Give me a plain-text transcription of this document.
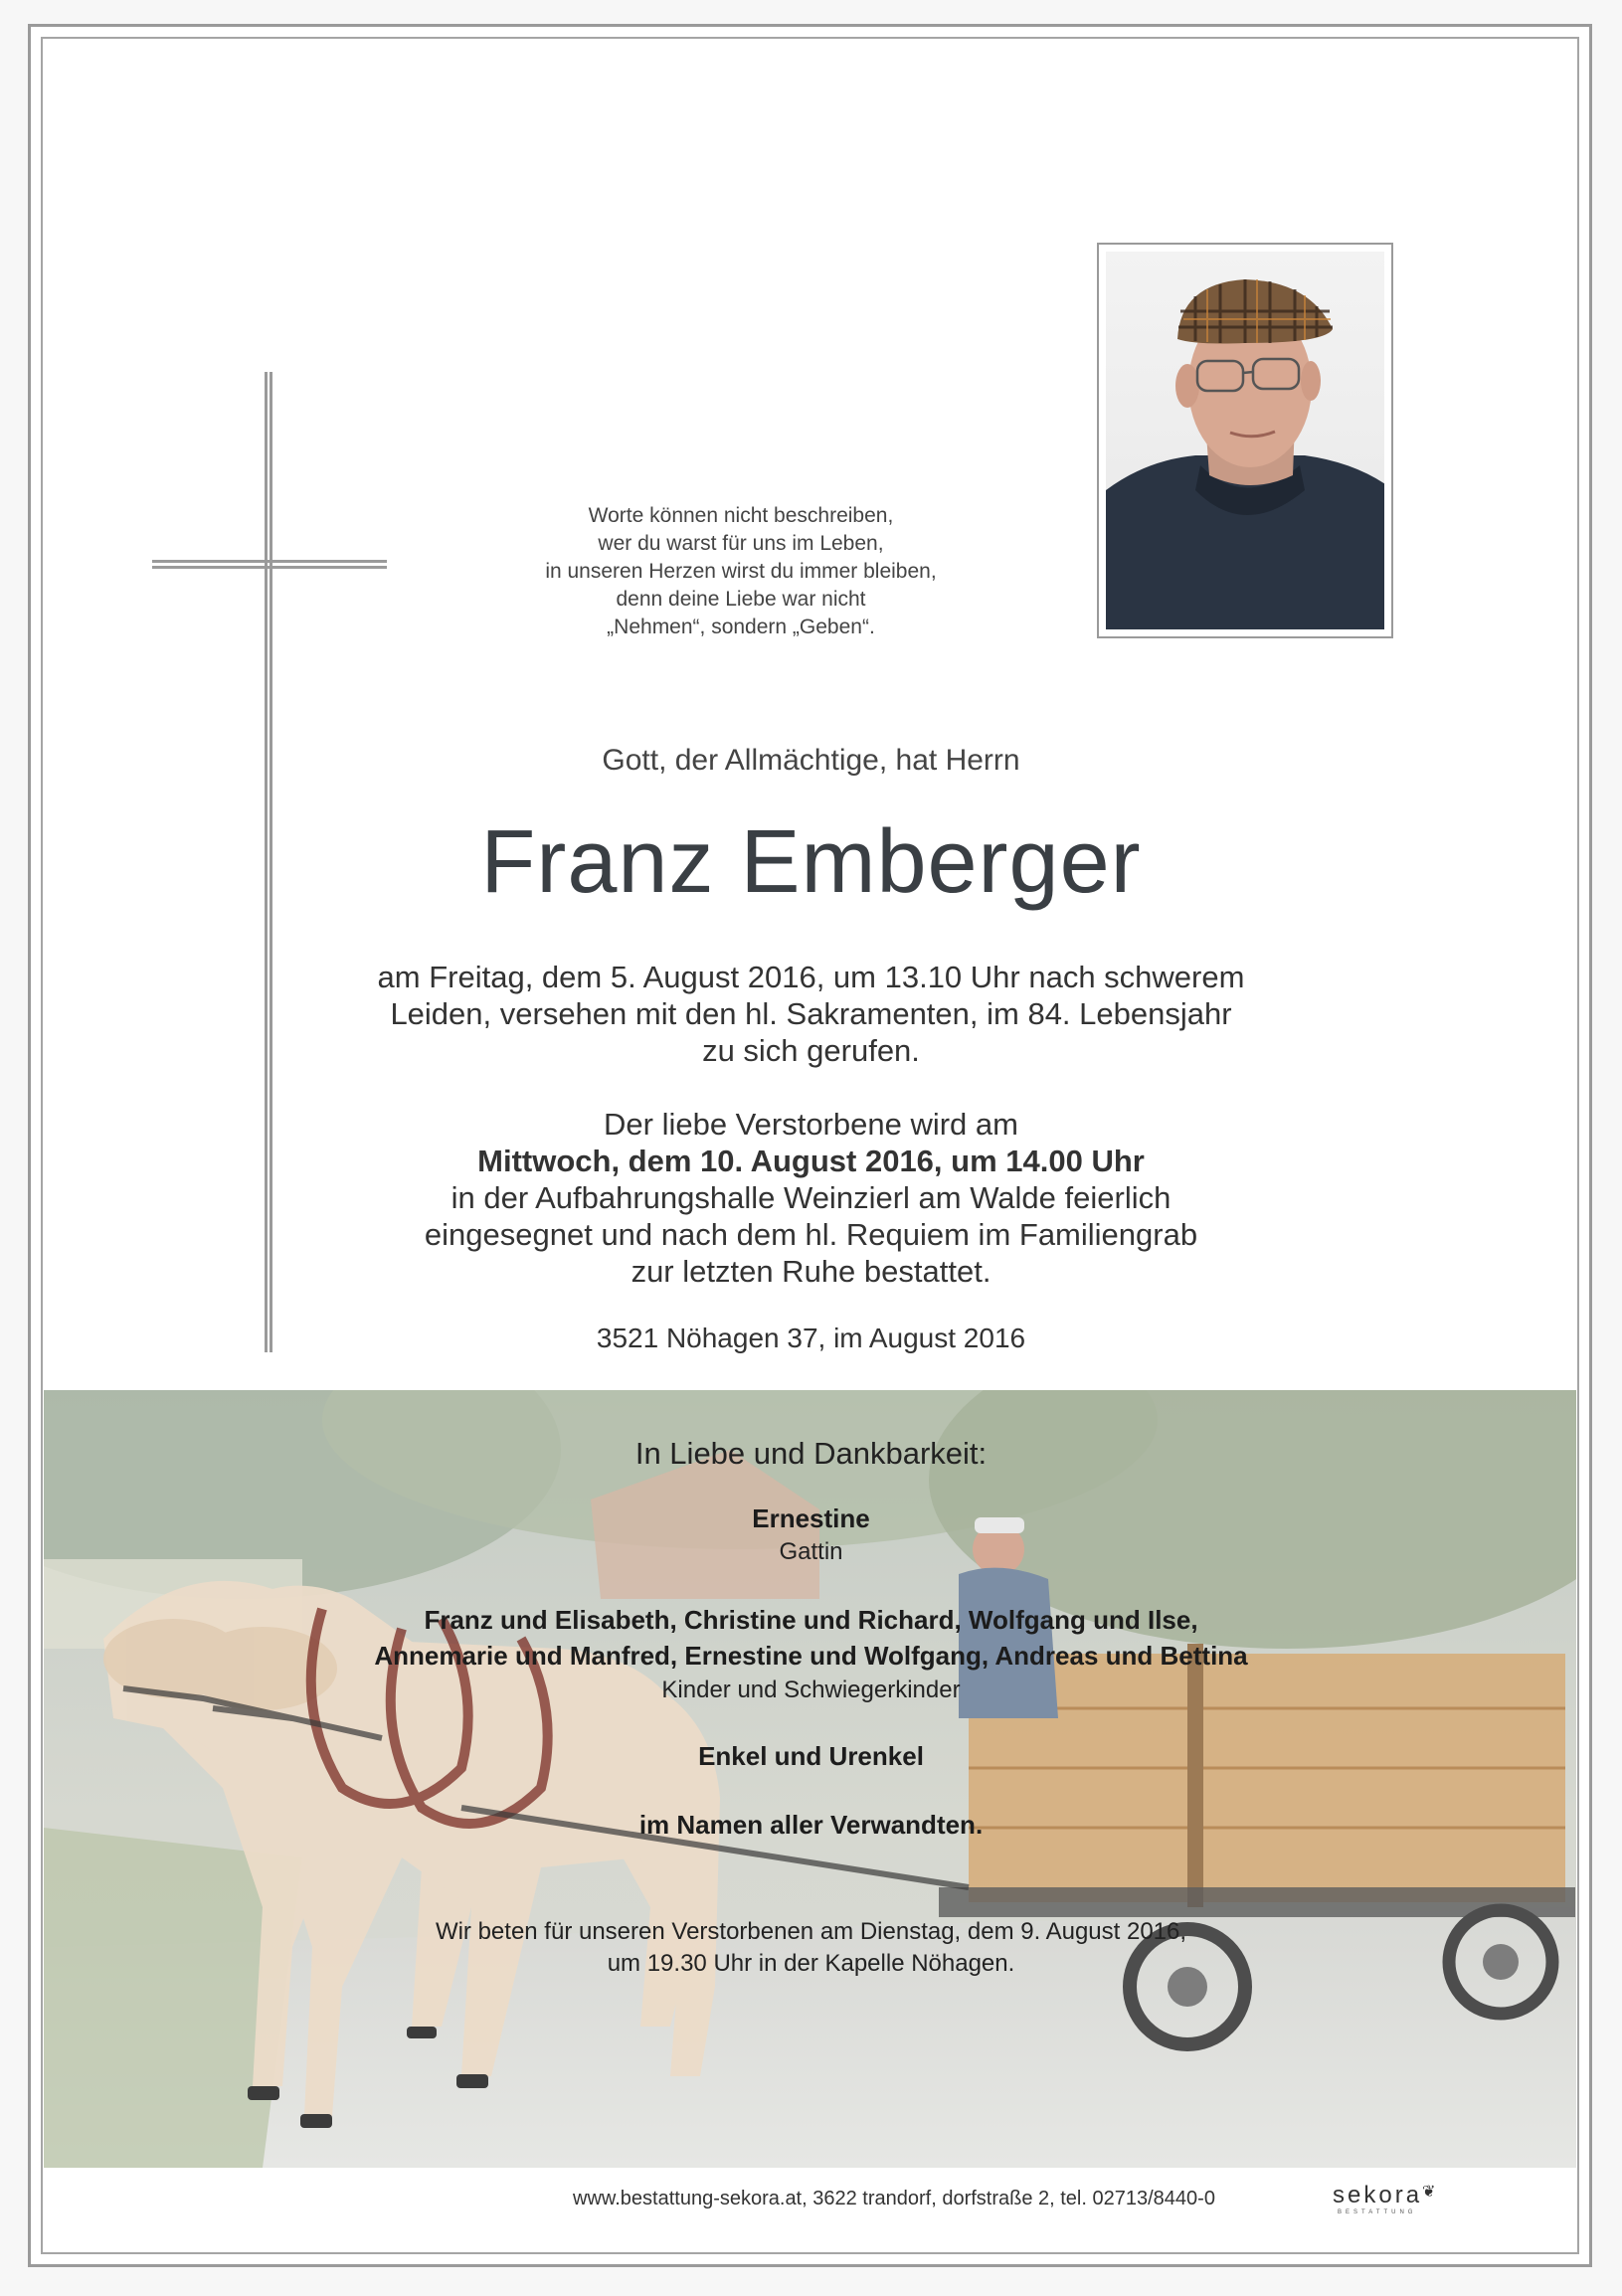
Worte können nicht beschreiben,
wer du warst für uns im Leben,
in unseren Herzen wirst du immer bleiben,
denn deine Liebe war nicht
„Nehmen“, sondern „Geben“.
Gott, der Allmächtige, hat Herrn
Franz Emberger
am Freitag, dem 5. August 2016, um 13.10 Uhr nach schwerem
Leiden, versehen mit den hl. Sakramenten, im 84. Lebensjahr
zu sich gerufen.
Der liebe Verstorbene wird am
Mittwoch, dem 10. August 2016, um 14.00 Uhr
in der Aufbahrungshalle Weinzierl am Walde feierlich
eingesegnet und nach dem hl. Requiem im Familiengrab
zur letzten Ruhe bestattet.
3521 Nöhagen 37, im August 2016
In Liebe und Dankbarkeit:
Ernestine
Gattin
Franz und Elisabeth, Christine und Richard, Wolfgang und Ilse,
Annemarie und Manfred, Ernestine und Wolfgang, Andreas und Bettina
Kinder und Schwiegerkinder
Enkel und Urenkel
im Namen aller Verwandten.
Wir beten für unseren Verstorbenen am Dienstag, dem 9. August 2016,
um 19.30 Uhr in der Kapelle Nöhagen.
www.bestattung-sekora.at, 3622 trandorf, dorfstraße 2, tel. 02713/8440-0	sekora❦
BESTATTUNG
